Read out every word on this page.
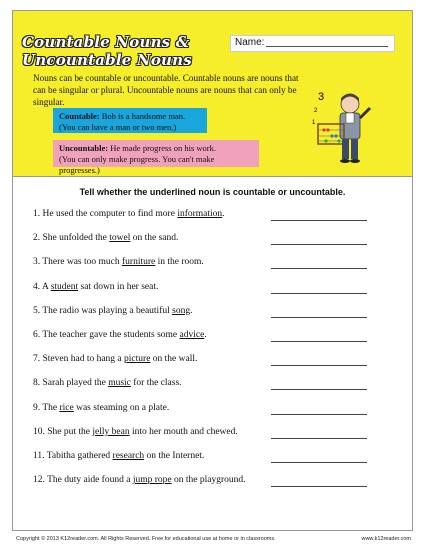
Countable Nouns &
Uncountable Nouns
Name:
Nouns can be countable or uncountable. Countable nouns are nouns that can be singular or plural. Uncountable nouns are nouns that can only be singular.
Countable: Bob is a handsome man.
(You can have a man or two men.)
Uncountable: He made progress on his work.
(You can only make progress. You can't make progresses.)
3
2
1
Tell whether the underlined noun is countable or uncountable.
1. He used the computer to find more information.
2. She unfolded the towel on the sand.
3. There was too much furniture in the room.
4. A student sat down in her seat.
5. The radio was playing a beautiful song.
6. The teacher gave the students some advice.
7. Steven had to hang a picture on the wall.
8. Sarah played the music for the class.
9. The rice was steaming on a plate.
10. She put the jelly bean into her mouth and chewed.
11. Tabitha gathered research on the Internet.
12. The duty aide found a jump rope on the playground.
Copyright © 2013 K12reader.com. All Rights Reserved. Free for educational use at home or in classrooms.	www.k12reader.com
